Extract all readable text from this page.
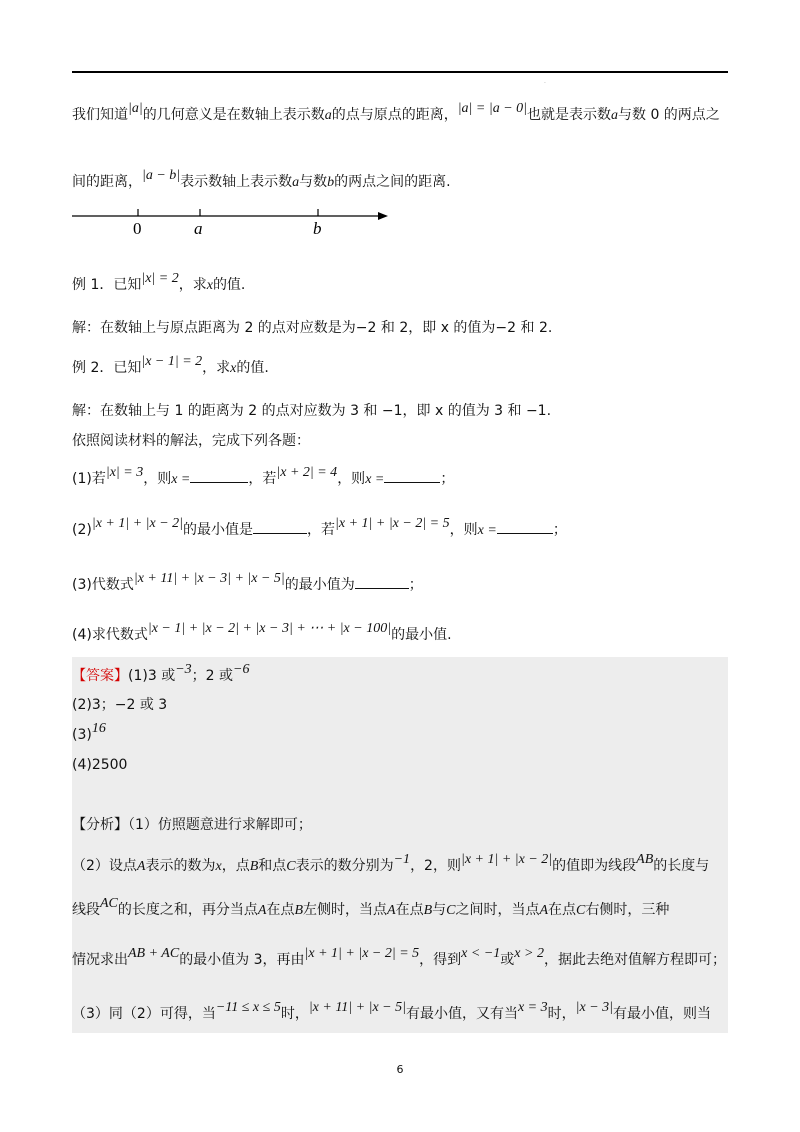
·
我们知道|a|的几何意义是在数轴上表示数a的点与原点的距离，|a| = |a − 0|也就是表示数a与数 0 的两点之
间的距离，|a − b|表示数轴上表示数a与数b的两点之间的距离.
0	a	b
例 1．已知|x| = 2，求x的值.
解：在数轴上与原点距离为 2 的点对应数是为−2 和 2，即 x 的值为−2 和 2.
例 2．已知|x − 1| = 2，求x的值.
解：在数轴上与 1 的距离为 2 的点对应数为 3 和 −1，即 x 的值为 3 和 −1.
依照阅读材料的解法，完成下列各题：
(1)若|x| = 3，则x =	，若|x + 2| = 4，则x =	；
(2)|x + 1| + |x − 2|的最小值是	，若|x + 1| + |x − 2| = 5，则x =	；
(3)代数式|x + 11| + |x − 3| + |x − 5|的最小值为	；
(4)求代数式|x − 1| + |x − 2| + |x − 3| + ⋯ + |x − 100|的最小值.
【答案】(1)3 或−3；2 或−6
(2)3；−2 或 3
(3)16
(4)2500
【分析】（1）仿照题意进行求解即可；
（2）设点A表示的数为x，点B和点C表示的数分别为−1，2，则|x + 1| + |x − 2|的值即为线段AB的长度与
线段AC的长度之和，再分当点A在点B左侧时，当点A在点B与C之间时，当点A在点C右侧时，三种
情况求出AB + AC的最小值为 3，再由|x + 1| + |x − 2| = 5，得到x < −1或x > 2，据此去绝对值解方程即可；
（3）同（2）可得，当−11 ≤ x ≤ 5时，|x + 11| + |x − 5|有最小值，又有当x = 3时，|x − 3|有最小值，则当
6
